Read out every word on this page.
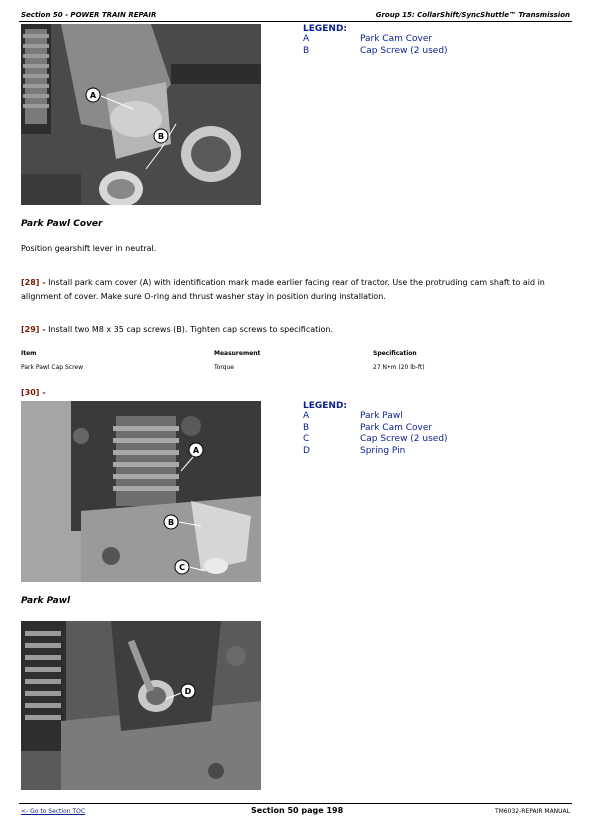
Section 50 - POWER TRAIN REPAIR	Group 15: CollarShift/SyncShuttle™ Transmission
A
B
LEGEND:
A	Park Cam Cover
B	Cap Screw (2 used)
Park Pawl Cover
Position gearshift lever in neutral.
[28] - Install park cam cover (A) with identification mark made earlier facing rear of tractor. Use the protruding cam shaft to aid in alignment of cover. Make sure O-ring and thrust washer stay in position during installation.
[29] - Install two M8 x 35 cap screws (B). Tighten cap screws to specification.
Item	Measurement	Specification
Park Pawl Cap Screw	Torque	27 N•m (20 lb-ft)
[30] -
A
B
C
LEGEND:
A	Park Pawl
B	Park Cam Cover
C	Cap Screw (2 used)
D	Spring Pin
Park Pawl
D
<- Go to Section TOC	Section 50 page 198	TM6032-REPAIR MANUAL
